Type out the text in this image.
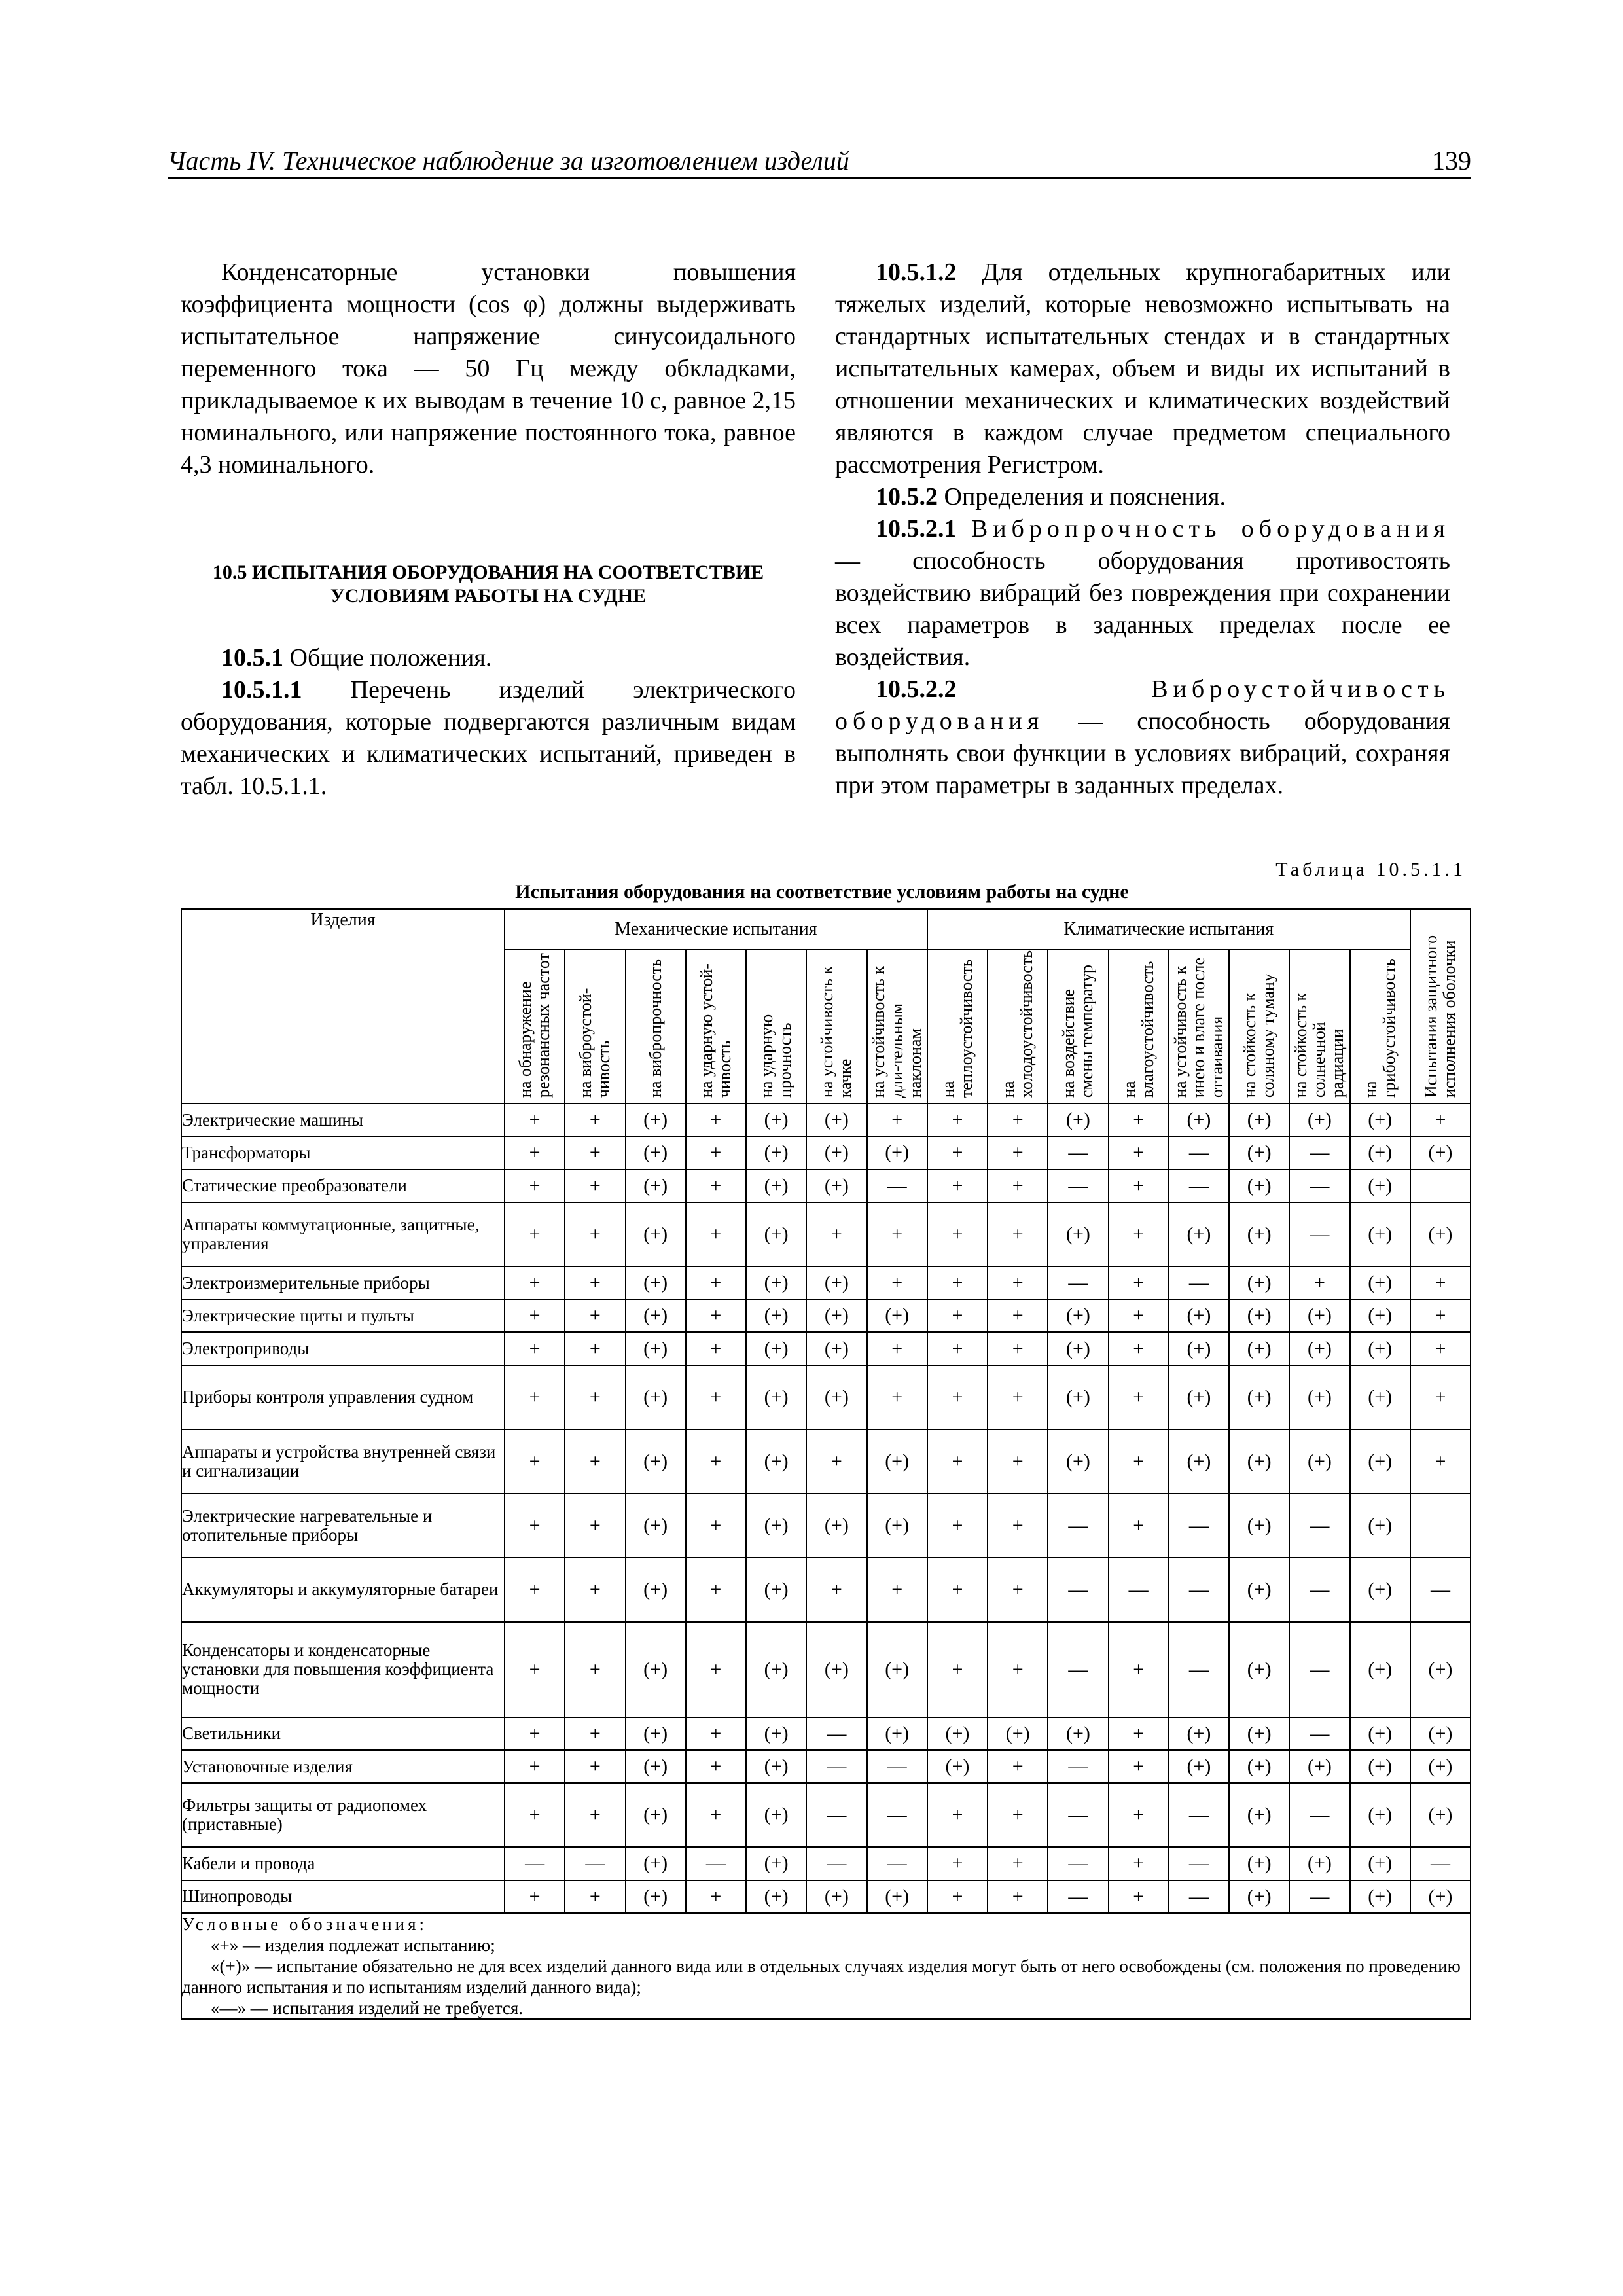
Часть IV. Техническое наблюдение за изготовлением изделий	139

Конденсаторные установки повышения коэффициента мощности (cos φ) должны выдерживать испытательное напряжение синусоидального переменного тока — 50 Гц между обкладками, прикладываемое к их выводам в течение 10 с, равное 2,15 номинального, или напряжение постоянного тока, равное 4,3 номинального.

10.5 ИСПЫТАНИЯ ОБОРУДОВАНИЯ НА СООТВЕТСТВИЕ УСЛОВИЯМ РАБОТЫ НА СУДНЕ

10.5.1 Общие положения.

10.5.1.1 Перечень изделий электрического оборудования, которые подвергаются различным видам механических и климатических испытаний, приведен в табл. 10.5.1.1.

10.5.1.2 Для отдельных крупногабаритных или тяжелых изделий, которые невозможно испытывать на стандартных испытательных стендах и в стандартных испытательных камерах, объем и виды их испытаний в отношении механических и климатических воздействий являются в каждом случае предметом специального рассмотрения Регистром.

10.5.2 Определения и пояснения.

10.5.2.1 Вибропрочность оборудования — способность оборудования противостоять воздействию вибраций без повреждения при сохранении всех параметров в заданных пределах после ее воздействия.

10.5.2.2	Виброустойчивость оборудования — способность оборудования выполнять свои функции в условиях вибраций, сохраняя при этом параметры в заданных пределах.

Таблица 10.5.1.1
Испытания оборудования на соответствие условиям работы на судне
Изделия	Механические испытания							Климатические испытания								Испытания защитного исполнения оболочки

	на обнаружение резонансных частот	на виброустой-чивость	на вибропрочность	на ударную устой-чивость	на ударную прочность	на устойчивость к качке	на устойчивость к дли-тельным наклонам	на теплоустойчивость	на холодоустойчивость	на воздействие смены температур	на влагоустойчивость	на устойчивость к инею и влаге после оттаивания	на стойкость к соляному туману	на стойкость к солнечной радиации	на грибоустойчивость	

Электрические машины	+	+	(+)	+	(+)	(+)	+	+	+	(+)	+	(+)	(+)	(+)	(+)	+
Трансформаторы	+	+	(+)	+	(+)	(+)	(+)	+	+	—	+	—	(+)	—	(+)	(+)
Статические преобразователи	+	+	(+)	+	(+)	(+)	—	+	+	—	+	—	(+)	—	(+)	
Аппараты коммутационные, защитные, управления	+	+	(+)	+	(+)	+	+	+	+	(+)	+	(+)	(+)	—	(+)	(+)
Электроизмерительные приборы	+	+	(+)	+	(+)	(+)	+	+	+	—	+	—	(+)	+	(+)	+
Электрические щиты и пульты	+	+	(+)	+	(+)	(+)	(+)	+	+	(+)	+	(+)	(+)	(+)	(+)	+
Электроприводы	+	+	(+)	+	(+)	(+)	+	+	+	(+)	+	(+)	(+)	(+)	(+)	+
Приборы контроля управления судном	+	+	(+)	+	(+)	(+)	+	+	+	(+)	+	(+)	(+)	(+)	(+)	+
Аппараты и устройства внутренней связи и сигнализации	+	+	(+)	+	(+)	+	(+)	+	+	(+)	+	(+)	(+)	(+)	(+)	+
Электрические нагревательные и отопительные приборы	+	+	(+)	+	(+)	(+)	(+)	+	+	—	+	—	(+)	—	(+)	
Аккумуляторы и аккумуляторные батареи	+	+	(+)	+	(+)	+	+	+	+	—	—	—	(+)	—	(+)	—
Конденсаторы и конденсаторные установки для повышения коэффициента мощности	+	+	(+)	+	(+)	(+)	(+)	+	+	—	+	—	(+)	—	(+)	(+)
Светильники	+	+	(+)	+	(+)	—	(+)	(+)	(+)	(+)	+	(+)	(+)	—	(+)	(+)
Установочные изделия	+	+	(+)	+	(+)	—	—	(+)	+	—	+	(+)	(+)	(+)	(+)	(+)
Фильтры защиты от радиопомех (приставные)	+	+	(+)	+	(+)	—	—	+	+	—	+	—	(+)	—	(+)	(+)
Кабели и провода	—	—	(+)	—	(+)	—	—	+	+	—	+	—	(+)	(+)	(+)	—
Шинопроводы	+	+	(+)	+	(+)	(+)	(+)	+	+	—	+	—	(+)	—	(+)	(+)

Условные обозначения:

«+» — изделия подлежат испытанию;

«(+)» — испытание обязательно не для всех изделий данного вида или в отдельных случаях изделия могут быть от него освобождены (см. положения по проведению данного испытания и по испытаниям изделий данного вида);

«—» — испытания изделий не требуется.																
